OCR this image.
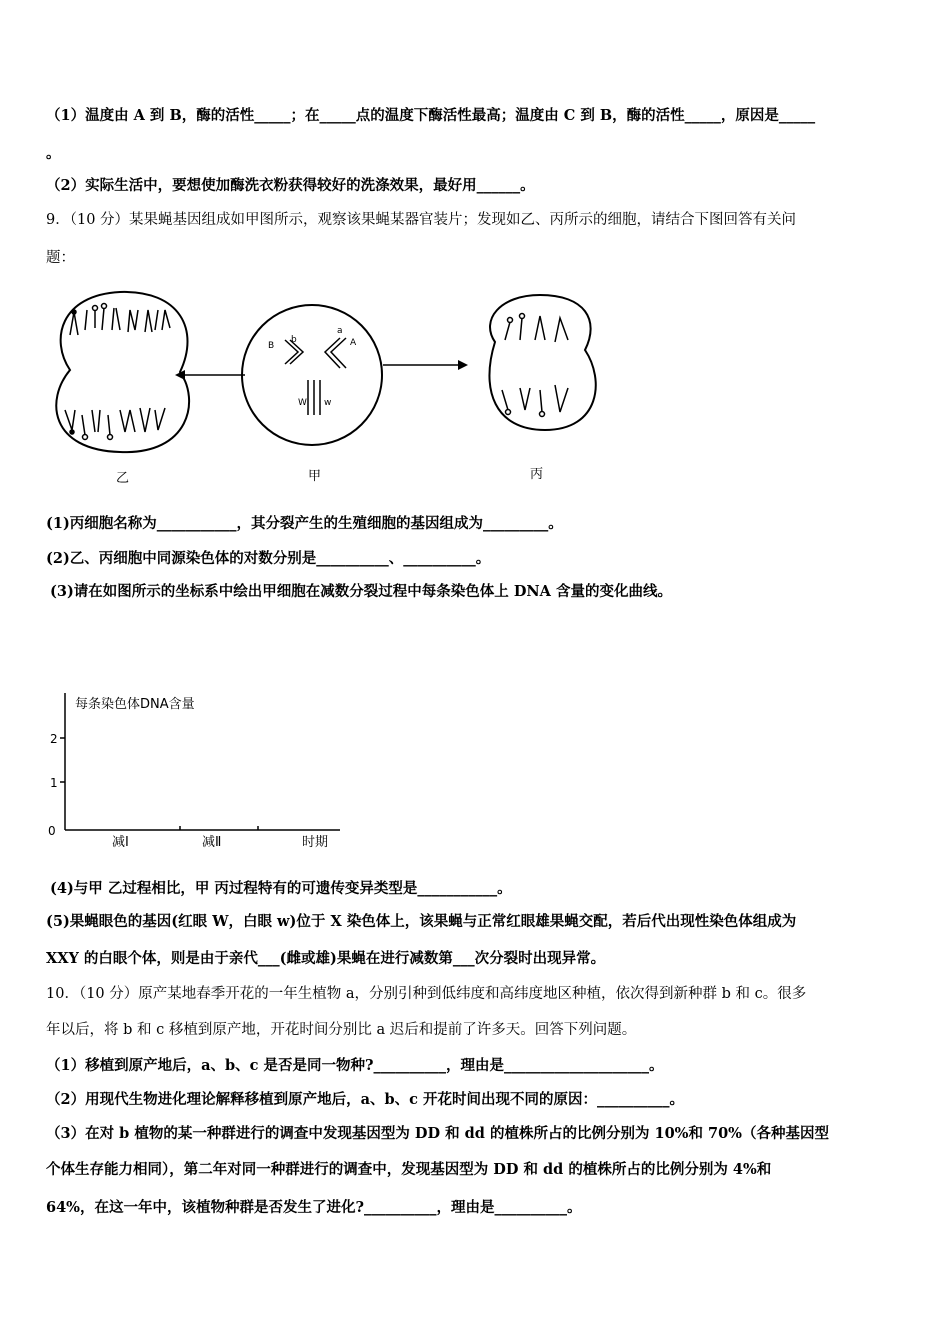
（1）温度由 A 到 B，酶的活性_____；在_____点的温度下酶活性最高；温度由 C 到 B，酶的活性_____，原因是_____
。
（2）实际生活中，要想使加酶洗衣粉获得较好的洗涤效果，最好用______。
9．（10 分）某果蝇基因组成如甲图所示，观察该果蝇某器官装片；发现如乙、丙所示的细胞，请结合下图回答有关问
题：
B
b
a
A
W w
乙	甲	丙
(1)丙细胞名称为___________，其分裂产生的生殖细胞的基因组成为_________。
(2)乙、丙细胞中同源染色体的对数分别是__________、__________。
(3)请在如图所示的坐标系中绘出甲细胞在减数分裂过程中每条染色体上 DNA 含量的变化曲线。
每条染色体DNA含量
2
1
0
减Ⅰ	减Ⅱ	时期
(4)与甲 乙过程相比，甲 丙过程特有的可遗传变异类型是___________。
(5)果蝇眼色的基因(红眼 W，白眼 w)位于 X 染色体上，该果蝇与正常红眼雄果蝇交配，若后代出现性染色体组成为
XXY 的白眼个体，则是由于亲代___(雌或雄)果蝇在进行减数第___次分裂时出现异常。
10．（10 分）原产某地春季开花的一年生植物 a，分别引种到低纬度和高纬度地区种植，依次得到新种群 b 和 c。很多
年以后，将 b 和 c 移植到原产地，开花时间分别比 a 迟后和提前了许多天。回答下列问题。
（1）移植到原产地后，a、b、c 是否是同一物种?__________，理由是____________________。
（2）用现代生物进化理论解释移植到原产地后，a、b、c 开花时间出现不同的原因：__________。
（3）在对 b 植物的某一种群进行的调查中发现基因型为 DD 和 dd 的植株所占的比例分别为 10%和 70%（各种基因型
个体生存能力相同），第二年对同一种群进行的调查中，发现基因型为 DD 和 dd 的植株所占的比例分别为 4%和
64%，在这一年中，该植物种群是否发生了进化?__________，理由是__________。
